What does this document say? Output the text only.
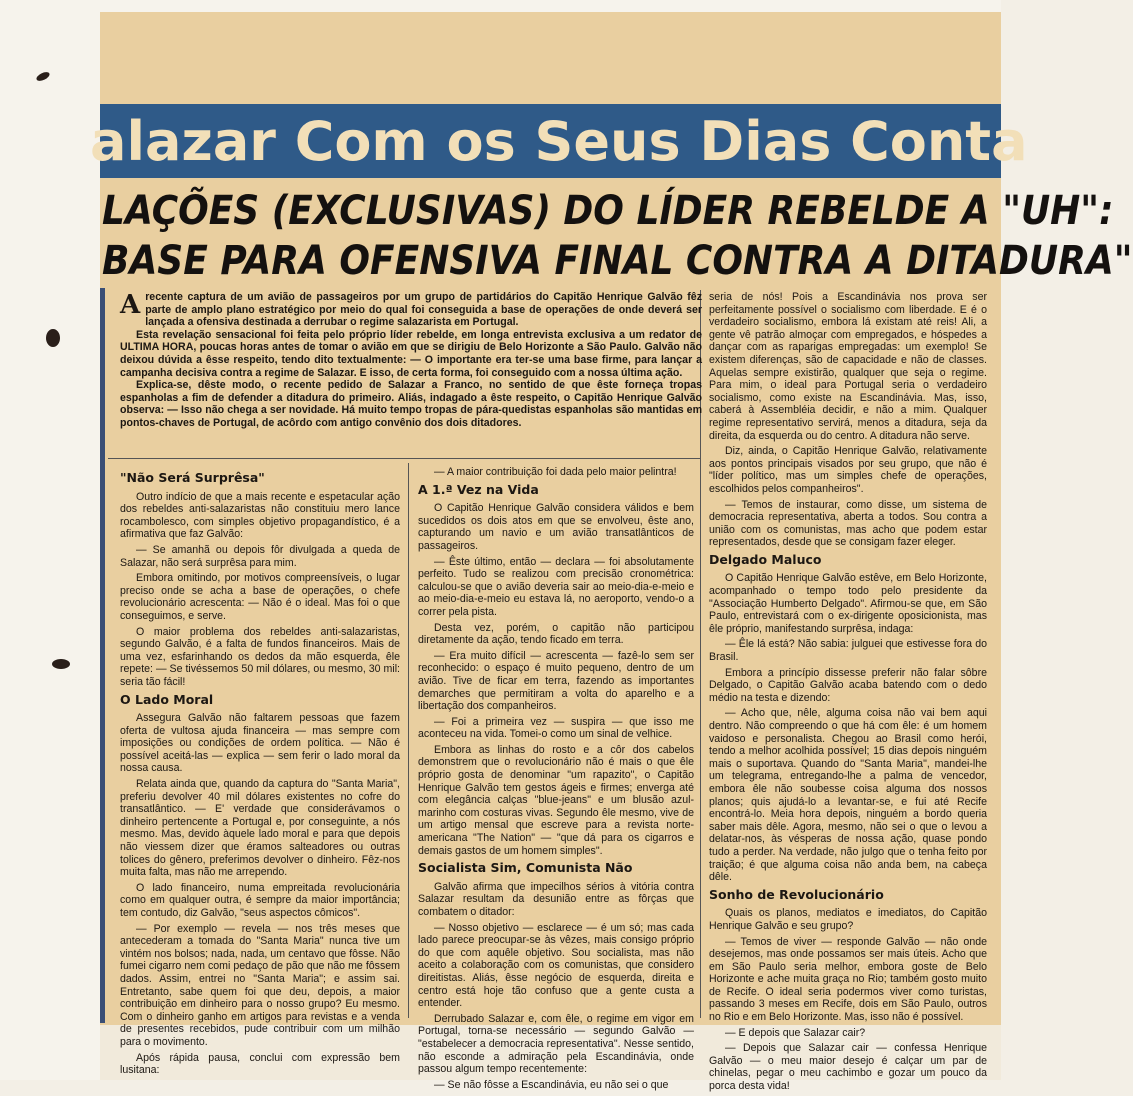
alazar Com os Seus Dias Conta
LAÇÕES (EXCLUSIVAS) DO LÍDER REBELDE A "UH":
BASE PARA OFENSIVA FINAL CONTRA A DITADURA"

Arecente captura de um avião de passageiros por um grupo de partidários do Capitão Henrique Galvão fêz parte de amplo plano estratégico por meio do qual foi conseguida a base de operações de onde deverá ser lançada a ofensiva destinada a derrubar o regime salazarista em Portugal.

Esta revelação sensacional foi feita pelo próprio líder rebelde, em longa entrevista exclusiva a um redator de ULTIMA HORA, poucas horas antes de tomar o avião em que se dirigiu de Belo Horizonte a São Paulo. Galvão não deixou dúvida a êsse respeito, tendo dito textualmente: — O importante era ter-se uma base firme, para lançar a campanha decisiva contra a regime de Salazar. E isso, de certa forma, foi conseguido com a nossa última ação.

Explica-se, dêste modo, o recente pedido de Salazar a Franco, no sentido de que êste forneça tropas espanholas a fim de defender a ditadura do primeiro. Aliás, indagado a êste respeito, o Capitão Henrique Galvão observa: — Isso não chega a ser novidade. Há muito tempo tropas de pára-quedistas espanholas são mantidas em pontos-chaves de Portugal, de acôrdo com antigo convênio dos dois ditadores.

"Não Será Surprêsa"

Outro indício de que a mais recente e espetacular ação dos rebeldes anti-salazaristas não constituiu mero lance rocambolesco, com simples objetivo propagandístico, é a afirmativa que faz Galvão:

— Se amanhã ou depois fôr divulgada a queda de Salazar, não será surprêsa para mim.

Embora omitindo, por motivos compreensíveis, o lugar preciso onde se acha a base de operações, o chefe revolucionário acrescenta: — Não é o ideal. Mas foi o que conseguimos, e serve.

O maior problema dos rebeldes anti-salazaristas, segundo Galvão, é a falta de fundos financeiros. Mais de uma vez, esfarinhando os dedos da mão esquerda, êle repete: — Se tivéssemos 50 mil dólares, ou mesmo, 30 mil: seria tão fácil!

O Lado Moral

Assegura Galvão não faltarem pessoas que fazem oferta de vultosa ajuda financeira — mas sempre com imposições ou condições de ordem política. — Não é possível aceitá-las — explica — sem ferir o lado moral da nossa causa.

Relata ainda que, quando da captura do "Santa Maria", preferiu devolver 40 mil dólares existentes no cofre do transatlântico. — E' verdade que considerávamos o dinheiro pertencente a Portugal e, por conseguinte, a nós mesmo. Mas, devido àquele lado moral e para que depois não viessem dizer que éramos salteadores ou outras tolices do gênero, preferimos devolver o dinheiro. Fêz-nos muita falta, mas não me arrependo.

O lado financeiro, numa empreitada revolucionária como em qualquer outra, é sempre da maior importância; tem contudo, diz Galvão, "seus aspectos cômicos".

— Por exemplo — revela — nos três meses que antecederam a tomada do "Santa Maria" nunca tive um vintém nos bolsos; nada, nada, um centavo que fôsse. Não fumei cigarro nem comi pedaço de pão que não me fôssem dados. Assim, entrei no "Santa Maria"; e assim sai. Entretanto, sabe quem foi que deu, depois, a maior contribuição em dinheiro para o nosso grupo? Eu mesmo. Com o dinheiro ganho em artigos para revistas e a venda de presentes recebidos, pude contribuir com um milhão para o movimento.

Após rápida pausa, conclui com expressão bem lusitana:

— A maior contribuição foi dada pelo maior pelintra!

A 1.ª Vez na Vida

O Capitão Henrique Galvão considera válidos e bem sucedidos os dois atos em que se envolveu, êste ano, capturando um navio e um avião transatlânticos de passageiros.

— Êste último, então — declara — foi absolutamente perfeito. Tudo se realizou com precisão cronométrica: calculou-se que o avião deveria sair ao meio-dia-e-meio e ao meio-dia-e-meio eu estava lá, no aeroporto, vendo-o a correr pela pista.

Desta vez, porém, o capitão não participou diretamente da ação, tendo ficado em terra.

— Era muito difícil — acrescenta — fazê-lo sem ser reconhecido: o espaço é muito pequeno, dentro de um avião. Tive de ficar em terra, fazendo as importantes demarches que permitiram a volta do aparelho e a libertação dos companheiros.

— Foi a primeira vez — suspira — que isso me aconteceu na vida. Tomei-o como um sinal de velhice.

Embora as linhas do rosto e a côr dos cabelos demonstrem que o revolucionário não é mais o que êle próprio gosta de denominar "um rapazito", o Capitão Henrique Galvão tem gestos ágeis e firmes; enverga até com elegância calças "blue-jeans" e um blusão azul-marinho com costuras vivas. Segundo êle mesmo, vive de um artigo mensal que escreve para a revista norte-americana "The Nation" — "que dá para os cigarros e demais gastos de um homem simples".

Socialista Sim, Comunista Não

Galvão afirma que impecilhos sérios à vitória contra Salazar resultam da desunião entre as fôrças que combatem o ditador:

— Nosso objetivo — esclarece — é um só; mas cada lado parece preocupar-se às vêzes, mais consigo próprio do que com aquêle objetivo. Sou socialista, mas não aceito a colaboração com os comunistas, que considero direitistas. Aliás, êsse negócio de esquerda, direita e centro está hoje tão confuso que a gente custa a entender.

Derrubado Salazar e, com êle, o regime em vigor em Portugal, torna-se necessário — segundo Galvão — "estabelecer a democracia representativa". Nesse sentido, não esconde a admiração pela Escandinávia, onde passou algum tempo recentemente:

— Se não fôsse a Escandinávia, eu não sei o que

seria de nós! Pois a Escandinávia nos prova ser perfeitamente possível o socialismo com liberdade. E é o verdadeiro socialismo, embora lá existam até reis! Ali, a gente vê patrão almoçar com empregados, e hóspedes a dançar com as raparigas empregadas: um exemplo! Se existem diferenças, são de capacidade e não de classes. Aquelas sempre existirão, qualquer que seja o regime. Para mim, o ideal para Portugal seria o verdadeiro socialismo, como existe na Escandinávia. Mas, isso, caberá à Assembléia decidir, e não a mim. Qualquer regime representativo servirá, menos a ditadura, seja da direita, da esquerda ou do centro. A ditadura não serve.

Diz, ainda, o Capitão Henrique Galvão, relativamente aos pontos principais visados por seu grupo, que não é "líder político, mas um simples chefe de operações, escolhidos pelos companheiros".

— Temos de instaurar, como disse, um sistema de democracia representativa, aberta a todos. Sou contra a união com os comunistas, mas acho que podem estar representados, desde que se consigam fazer eleger.

Delgado Maluco

O Capitão Henrique Galvão estêve, em Belo Horizonte, acompanhado o tempo todo pelo presidente da "Associação Humberto Delgado". Afirmou-se que, em São Paulo, entrevistará com o ex-dirigente oposicionista, mas êle próprio, manifestando surprêsa, indaga:

— Êle lá está? Não sabia: julguei que estivesse fora do Brasil.

Embora a princípio dissesse preferir não falar sôbre Delgado, o Capitão Galvão acaba batendo com o dedo médio na testa e dizendo:

— Acho que, nêle, alguma coisa não vai bem aqui dentro. Não compreendo o que há com êle: é um homem vaidoso e personalista. Chegou ao Brasil como herói, tendo a melhor acolhida possível; 15 dias depois ninguém mais o suportava. Quando do "Santa Maria", mandei-lhe um telegrama, entregando-lhe a palma de vencedor, embora êle não soubesse coisa alguma dos nossos planos; quis ajudá-lo a levantar-se, e fui até Recife encontrá-lo. Meia hora depois, ninguém a bordo queria saber mais dêle. Agora, mesmo, não sei o que o levou a delatar-nos, às vésperas de nossa ação, quase pondo tudo a perder. Na verdade, não julgo que o tenha feito por traição; é que alguma coisa não anda bem, na cabeça dêle.

Sonho de Revolucionário

Quais os planos, mediatos e imediatos, do Capitão Henrique Galvão e seu grupo?

— Temos de viver — responde Galvão — não onde desejemos, mas onde possamos ser mais úteis. Acho que em São Paulo seria melhor, embora goste de Belo Horizonte e ache muita graça no Rio; também gosto muito de Recife. O ideal seria podermos viver como turistas, passando 3 meses em Recife, dois em São Paulo, outros no Rio e em Belo Horizonte. Mas, isso não é possível.

— E depois que Salazar cair?

— Depois que Salazar cair — confessa Henrique Galvão — o meu maior desejo é calçar um par de chinelas, pegar o meu cachimbo e gozar um pouco da porca desta vida!
